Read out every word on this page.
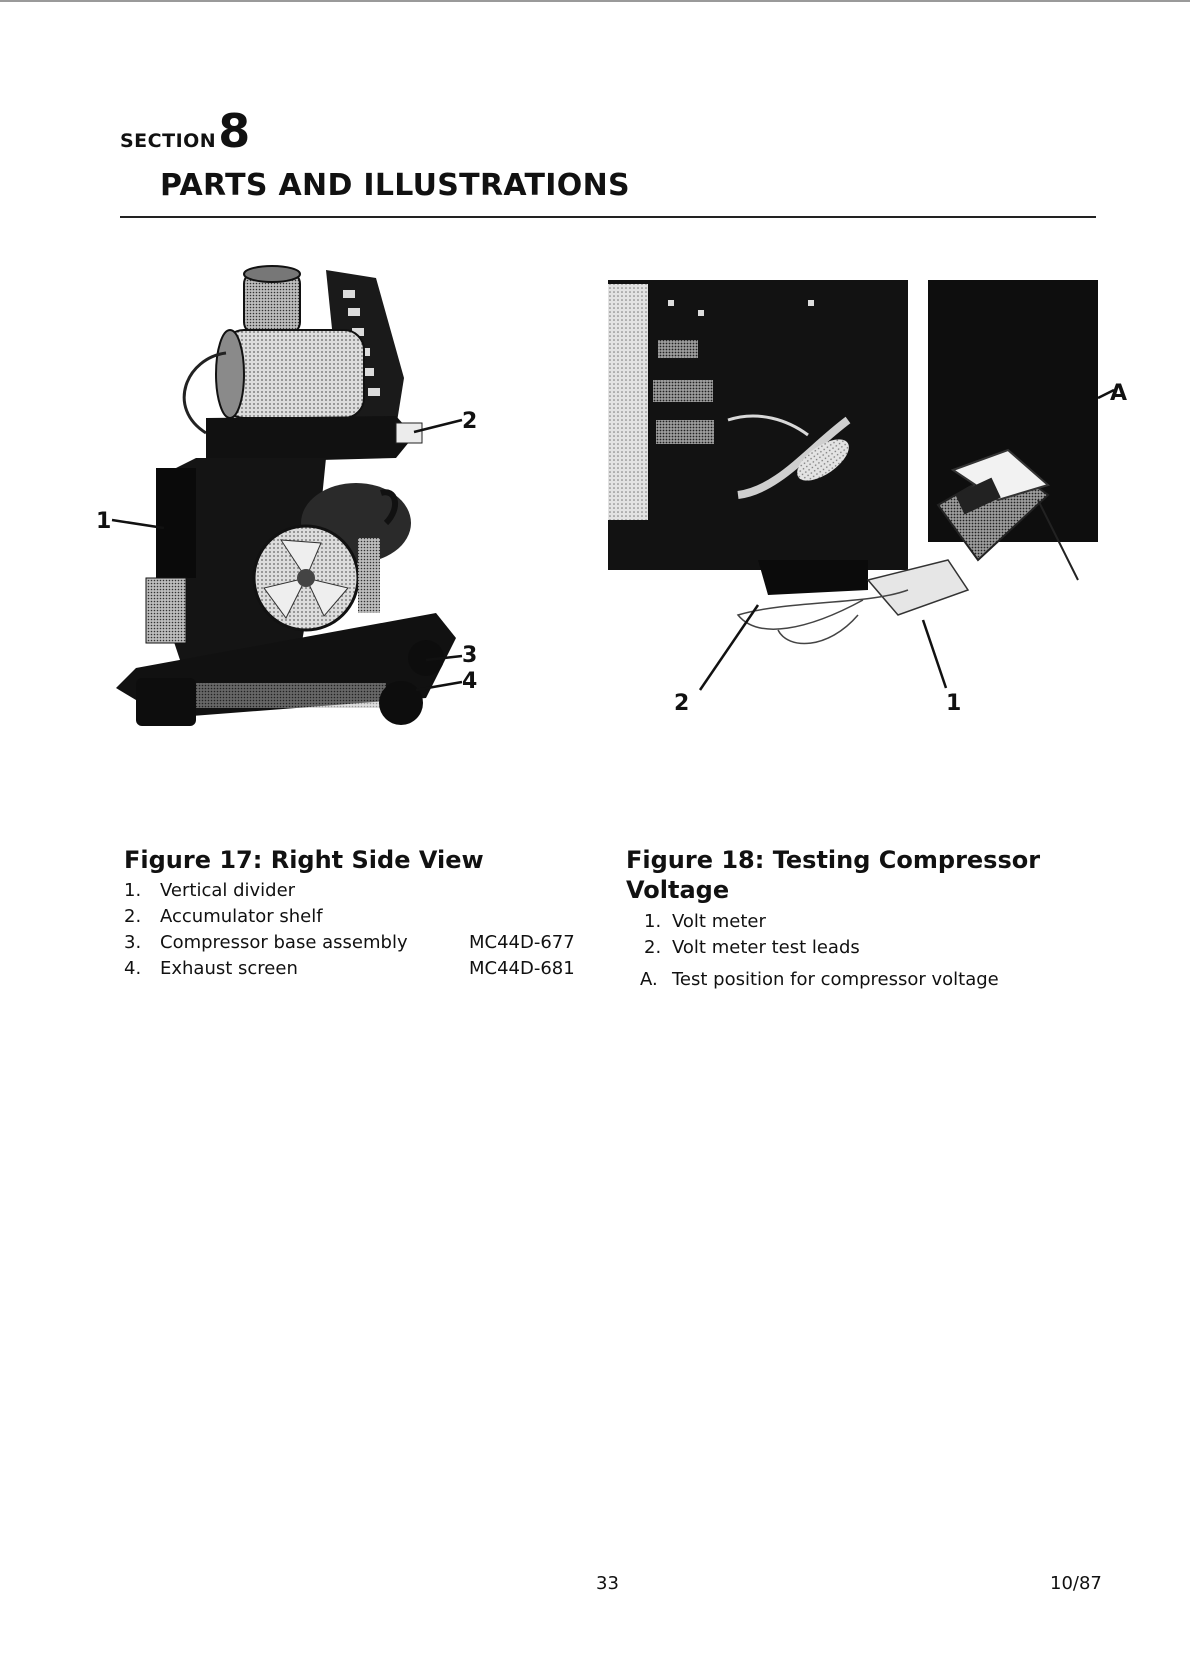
SECTION8
PARTS AND ILLUSTRATIONS
1
2
3
4
A
2	1
Figure 17: Right Side View
1. Vertical divider
2. Accumulator shelf
3. Compressor base assembly	MC44D-677
4. Exhaust screen	MC44D-681
Figure 18: Testing Compressor
Voltage
1. Volt meter
2. Volt meter test leads
A. Test position for compressor voltage
33	10/87
